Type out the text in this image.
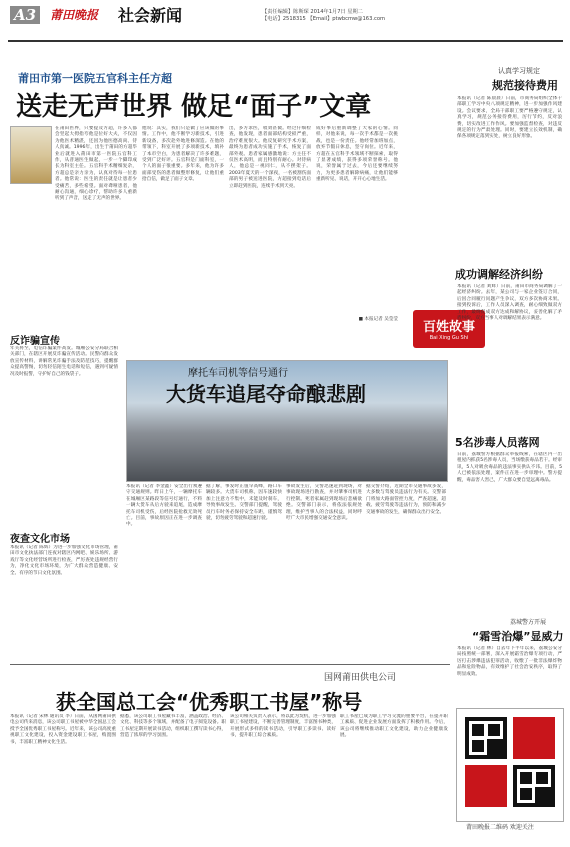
A3	莆田晚报 社会新闻	【责任编辑】陈斯琛 2014年1月7日 星期二
【电话】2518315 【Email】ptwbcmw@163.com
莆田市第一医院五官科主任方超
送走无声世界 做足“面子”文章
在莆田医界，只要提及方超，许多人都会竖起大拇指夸他是位好大夫，不仅因为他医术精湛，还因为他医德高尚、待人真诚。1996年，出生于莆田的方超毕业后就进入莆田市第一医院五官科工作，从普通医生做起，一步一个脚印成长为科室主任。五官科手术精细复杂，方超总是亲力亲为，认真对待每一位患者。他常说：医生的责任就是让患者少受痛苦，多些希望。面对聋哑患者，他耐心沟通，细心诊疗，帮助许多人重新听到了声音，送走了无声的世界。
他说：其实，我们只是做了应该做的事情。工作中，他不断学习新技术，引进新设备，多次赴外地进修深造。在他的带领下，科室开展了多项新技术，填补了本市空白，为患者解决了许多难题，受到广泛好评。五官科是门面科室，一个人的面子很重要。多年来，他为许多面部受伤的患者做整形修复，让他们重拾自信，做足了面子文章。
出，多方求医，收效甚微。经过仔细检查，他发现，患者面部结构受损严重，治疗难度很大。他反复研究手术方案，最终为患者成功实施了手术，恢复了面部外观。患者家属感激地说：方主任不仅医术高明，而且特别有耐心。对待病人，他总是一视同仁，从不摆架子。2003年夏天的一个深夜，一名被割伤面部的男子被送进医院，方超接到电话后立即赶到医院，连续手术到天亮。
成好事后重新调整了大家的心情。同样，对他来说，每一次手术都是一次挑战，也是一份责任。他经常加班加点，放弃节假日休息，坚守岗位。近年来，方超在五官科手术领域不断探索，取得了显著成绩，获得多项荣誉称号。他说，荣誉属于过去，今后还要继续努力，为更多患者解除病痛，让他们能够重新听见、说话，开开心心地生活。
■ 本报记者 吴莹莹
反诈骗宣传
年关将至，电信诈骗案件高发。城厢公安分局联合相关部门，在辖区开展反诈骗宣传活动。民警向群众发放宣传材料，讲解常见诈骗手法及防范技巧，提醒群众提高警惕，切勿轻信陌生电话和短信，遇到可疑情况及时报警，守护好自己的钱袋子。
夜查文化市场
本报讯（记者 陈辉）为进一步加强文化市场管理，莆田市文化执法部门连夜对辖区内网吧、娱乐场所、游戏厅等文化经营场所进行检查，严厉查处违规经营行为，净化文化市场环境，为广大群众营造健康、安全、有序的节日文化氛围。
百姓故事
Bai Xing Gu Shi
认真学习规定
规范接待费用
本报讯（记者 陈晨晨）日前，市商务局组织全体干部职工学习中央八项规定精神，进一步加强作风建设。会议要求，全局干部职工要严格遵守规定，认真学习，规范公务接待费用，厉行节约，反对浪费，切实改进工作作风。要加强监督检查，对违反规定的行为严肃处理。同时，要建立长效机制，确保各项规定落到实处，树立良好形象。
成功调解经济纠纷
本报讯（记者 刘辉）日前，莆田市商务局调解了一起经济纠纷。去年，某公司与一家企业签订合同，后因合同履行问题产生争议，双方多次协商未果。接到投诉后，工作人员深入调查，耐心细致做双方工作，最终促成双方达成和解协议，妥善化解了矛盾纠纷，双方当事人对调解结果表示满意。
5名涉毒人员落网
日前，荔城警方根据群众举报线索，在辖区内一出租屋内抓获5名涉毒人员，当场缴获毒品若干。经审讯，5人对吸食毒品的违法事实供认不讳。目前，5人已被依法处理，案件正在进一步审理中。警方提醒，毒品害人害己，广大群众要自觉远离毒品。
荔城警方开展
“霜雪治爆”显威力
本报讯（记者 林）自去年下半年以来，荔城公安分局按照统一部署，深入开展霜雪治爆专项行动，严厉打击涉爆违法犯罪活动，收缴了一批非法爆炸物品和危险物品，有效维护了社会治安秩序，取得了明显成效。
莆田晚报二维码 欢迎关注
摩托车司机等信号通行
大货车追尾夺命酿悲剧
本报讯（记者 李金鑫）安全出行须遵守交通规则。昨日上午，一辆摩托车在城厢区某路段等信号灯通行，不料一辆大货车从后方驶来追尾，造成摩托车司机受伤，后经医院抢救无效死亡。目前，事故原因正在进一步调查中。
据了解，事发时正值早高峰，路口车辆较多。大货车司机称，因车速较快加上注意力不集中，未能及时刹车，导致事故发生。交警部门提醒，驾驶员行车时务必保持安全车距，谨慎驾驶，切勿疲劳驾驶和超速行驶。
事故发生后，交警迅速赶到现场，对事故现场进行勘查，并对肇事司机进行控制。死者家属赶到现场后悲痛欲绝。交警部门表示，将依法依规处理，维护当事人的合法权益，同时呼吁广大市民增强交通安全意识。
据交警介绍，近期全市交通事故多发，大多数与驾驶员违法行为有关。交警部门将加大路面管控力度，严查超速、超载、疲劳驾驶等违法行为，预防和减少交通事故的发生，确保群众出行安全。
国网莆田供电公司
获全国总工会“优秀职工书屋”称号
本报讯（记者 宋林 通讯员 李）日前，从国网莆田供电公司传来消息，该公司职工书屋被中华全国总工会授予全国优秀职工书屋称号。近年来，该公司高度重视职工文化建设，投入资金建设职工书屋，购置图书，丰富职工精神文化生活。
据悉，该公司职工书屋藏书丰富，涵盖政治、经济、文化、科技等多个领域，并配备了电子阅览设备。职工书屋定期开展读书活动，组织职工撰写读书心得，营造了浓厚的学习氛围。
该公司相关负责人表示，将以此为契机，进一步加强职工书屋建设，不断完善管理制度，丰富图书种类，开展形式多样的读书活动，引导职工多读书、读好书，提升职工综合素质。
职工书屋已成为职工学习交流的重要平台，在提升职工素质、促进企业发展方面发挥了积极作用。今后，该公司将继续推动职工文化建设，助力企业健康发展。
